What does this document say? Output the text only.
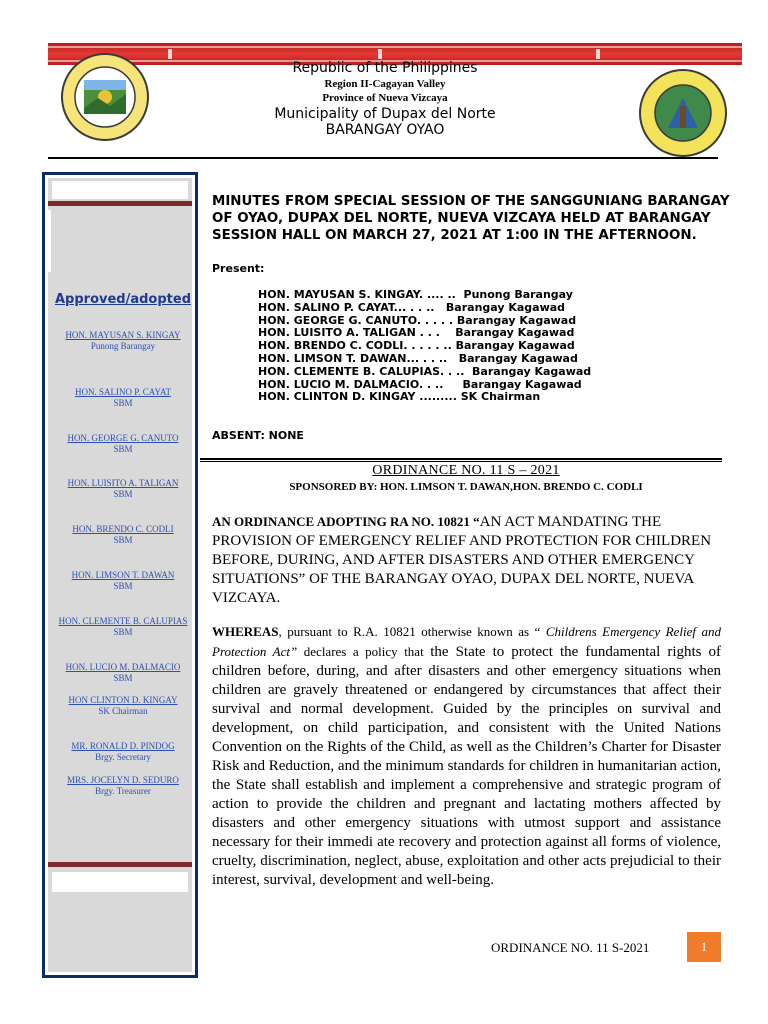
Republic of the Philippines
Region II-Cagayan Valley
Province of Nueva Vizcaya
Municipality of Dupax del Norte
BARANGAY OYAO
Approved/adopted
HON. MAYUSAN S. KINGAY
Punong Barangay
HON. SALINO P. CAYAT
SBM
HON. GEORGE G. CANUTO
SBM
HON. LUISITO A. TALIGAN
SBM
HON. BRENDO C. CODLI
SBM
HON. LIMSON T. DAWAN
SBM
HON. CLEMENTE B. CALUPIAS
SBM
HON. LUCIO M. DALMACIO
SBM
HON CLINTON D. KINGAY
SK Chairman
MR. RONALD D. PINDOG
Brgy. Secretary
MRS. JOCELYN D. SEDURO
Brgy. Treasurer
MINUTES FROM SPECIAL SESSION OF THE SANGGUNIANG BARANGAY OF OYAO, DUPAX DEL NORTE, NUEVA VIZCAYA HELD AT BARANGAY SESSION HALL ON MARCH 27, 2021 AT 1:00 IN THE AFTERNOON.
Present:
HON. MAYUSAN S. KINGAY. .... ..  Punong Barangay
HON. SALINO P. CAYAT... . . ..   Barangay Kagawad
HON. GEORGE G. CANUTO. . . . . Barangay Kagawad
HON. LUISITO A. TALIGAN . . .    Barangay Kagawad
HON. BRENDO C. CODLI. . . . . .. Barangay Kagawad
HON. LIMSON T. DAWAN... . . ..   Barangay Kagawad
HON. CLEMENTE B. CALUPIAS. . ..  Barangay Kagawad
HON. LUCIO M. DALMACIO. . ..     Barangay Kagawad
HON. CLINTON D. KINGAY ......... SK Chairman
ABSENT: NONE
ORDINANCE NO. 11 S – 2021
SPONSORED BY: HON. LIMSON T. DAWAN,HON. BRENDO C. CODLI
AN ORDINANCE ADOPTING RA NO. 10821 “AN ACT MANDATING THE PROVISION OF EMERGENCY RELIEF AND PROTECTION FOR CHILDREN BEFORE, DURING, AND AFTER DISASTERS AND OTHER EMERGENCY SITUATIONS” OF THE BARANGAY OYAO, DUPAX DEL NORTE, NUEVA VIZCAYA.
WHEREAS, pursuant to R.A. 10821 otherwise known as “ Childrens Emergency Relief and Protection Act” declares a policy that the State to protect the fundamental rights of children before, during, and after disasters and other emergency situations when children are gravely threatened or endangered by circumstances that affect their survival and normal development. Guided by the principles on survival and development, on child participation, and consistent with the United Nations Convention on the Rights of the Child, as well as the Children’s Charter for Disaster Risk and Reduction, and the minimum standards for children in humanitarian action, the State shall establish and implement a comprehensive and strategic program of action to provide the children and pregnant and lactating mothers affected by disasters and other emergency situations with utmost support and assistance necessary for their immedi ate recovery and protection against all forms of violence, cruelty, discrimination, neglect, abuse, exploitation and other acts prejudicial to their interest, survival, development and well-being.
ORDINANCE NO. 11 S-2021	1
